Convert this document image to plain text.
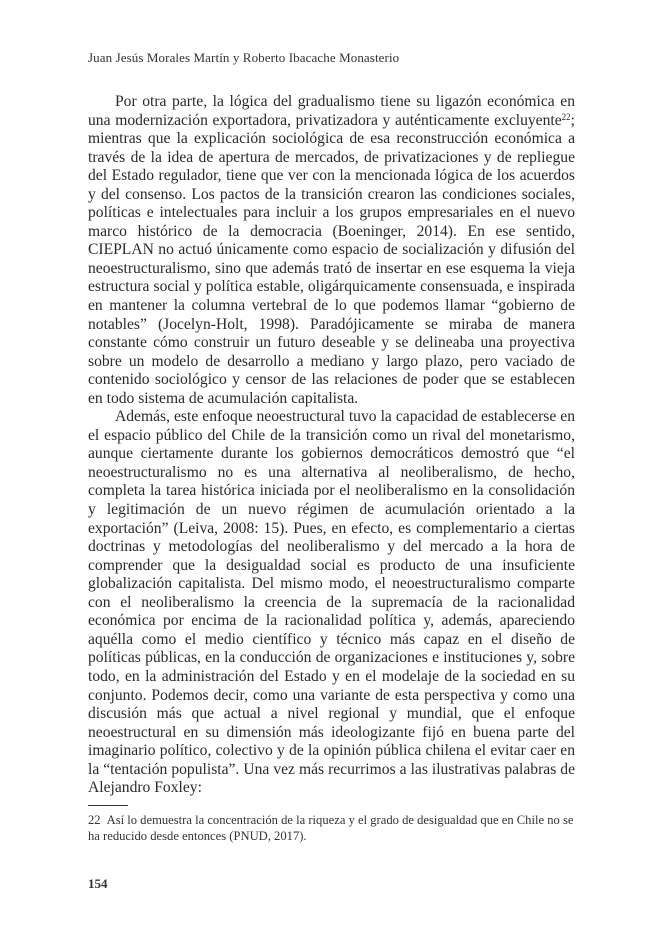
Juan Jesús Morales Martín y Roberto Ibacache Monasterio

Por otra parte, la lógica del gradualismo tiene su ligazón económica en una modernización exportadora, privatizadora y auténticamente excluyente$^{22}$; mientras que la explicación sociológica de esa reconstrucción económica a través de la idea de apertura de mercados, de privatizaciones y de repliegue del Estado regulador, tiene que ver con la mencionada lógica de los acuerdos y del consenso. Los pactos de la transición crearon las condiciones sociales, políticas e intelectuales para incluir a los grupos empresariales en el nuevo marco histórico de la democracia (Boeninger, 2014). En ese sentido, CIEPLAN no actuó únicamente como espacio de socialización y difusión del neoestructuralismo, sino que además trató de insertar en ese esquema la vieja estructura social y política estable, oligárquicamente consensuada, e inspirada en mantener la columna vertebral de lo que podemos llamar “gobierno de notables” (Jocelyn-Holt, 1998). Paradójicamente se miraba de manera constante cómo construir un futuro deseable y se delineaba una proyectiva sobre un modelo de desarrollo a mediano y largo plazo, pero vaciado de contenido sociológico y censor de las relaciones de poder que se establecen en todo sistema de acumulación capitalista.

Además, este enfoque neoestructural tuvo la capacidad de establecerse en el espacio público del Chile de la transición como un rival del monetarismo, aunque ciertamente durante los gobiernos democráticos demostró que “el neoestructuralismo no es una alternativa al neoliberalismo, de hecho, completa la tarea histórica iniciada por el neoliberalismo en la consolidación y legitimación de un nuevo régimen de acumulación orientado a la exportación” (Leiva, 2008: 15). Pues, en efecto, es complementario a ciertas doctrinas y metodologías del neoliberalismo y del mercado a la hora de comprender que la desigualdad social es producto de una insuficiente globalización capitalista. Del mismo modo, el neoestructuralismo comparte con el neoliberalismo la creencia de la supremacía de la racionalidad económica por encima de la racionalidad política y, además, apareciendo aquélla como el medio científico y técnico más capaz en el diseño de políticas públicas, en la conducción de organizaciones e instituciones y, sobre todo, en la administración del Estado y en el modelaje de la sociedad en su conjunto. Podemos decir, como una variante de esta perspectiva y como una discusión más que actual a nivel regional y mundial, que el enfoque neoestructural en su dimensión más ideologizante fijó en buena parte del imaginario político, colectivo y de la opinión pública chilena el evitar caer en la “tentación populista”. Una vez más recurrimos a las ilustrativas palabras de Alejandro Foxley:

22 Así lo demuestra la concentración de la riqueza y el grado de desigualdad que en Chile no se ha reducido desde entonces (PNUD, 2017).
154
